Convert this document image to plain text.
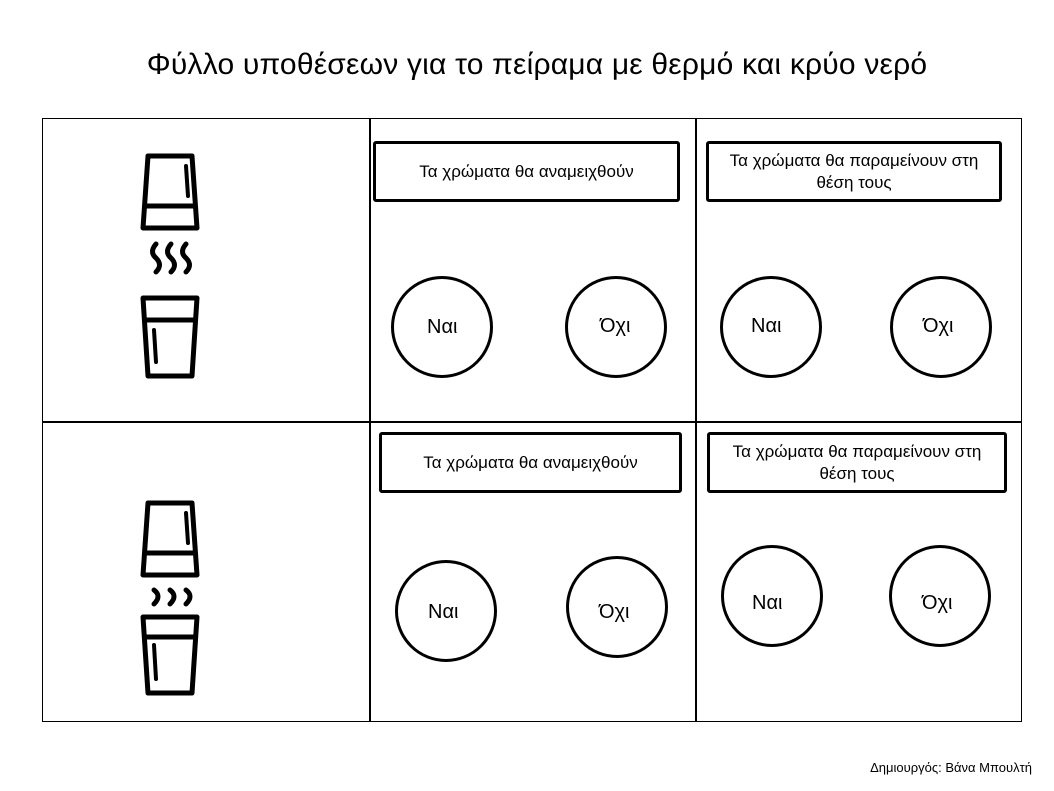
Φύλλο υποθέσεων για το πείραμα με θερμό και κρύο νερό
Τα χρώματα θα αναμειχθούν
Ναι	Όχι
Τα χρώματα θα παραμείνουν στη θέση τους
Ναι	Όχι
Τα χρώματα θα αναμειχθούν
Ναι	Όχι
Τα χρώματα θα παραμείνουν στη θέση τους
Ναι	Όχι
Δημιουργός: Βάνα Μπουλτή
